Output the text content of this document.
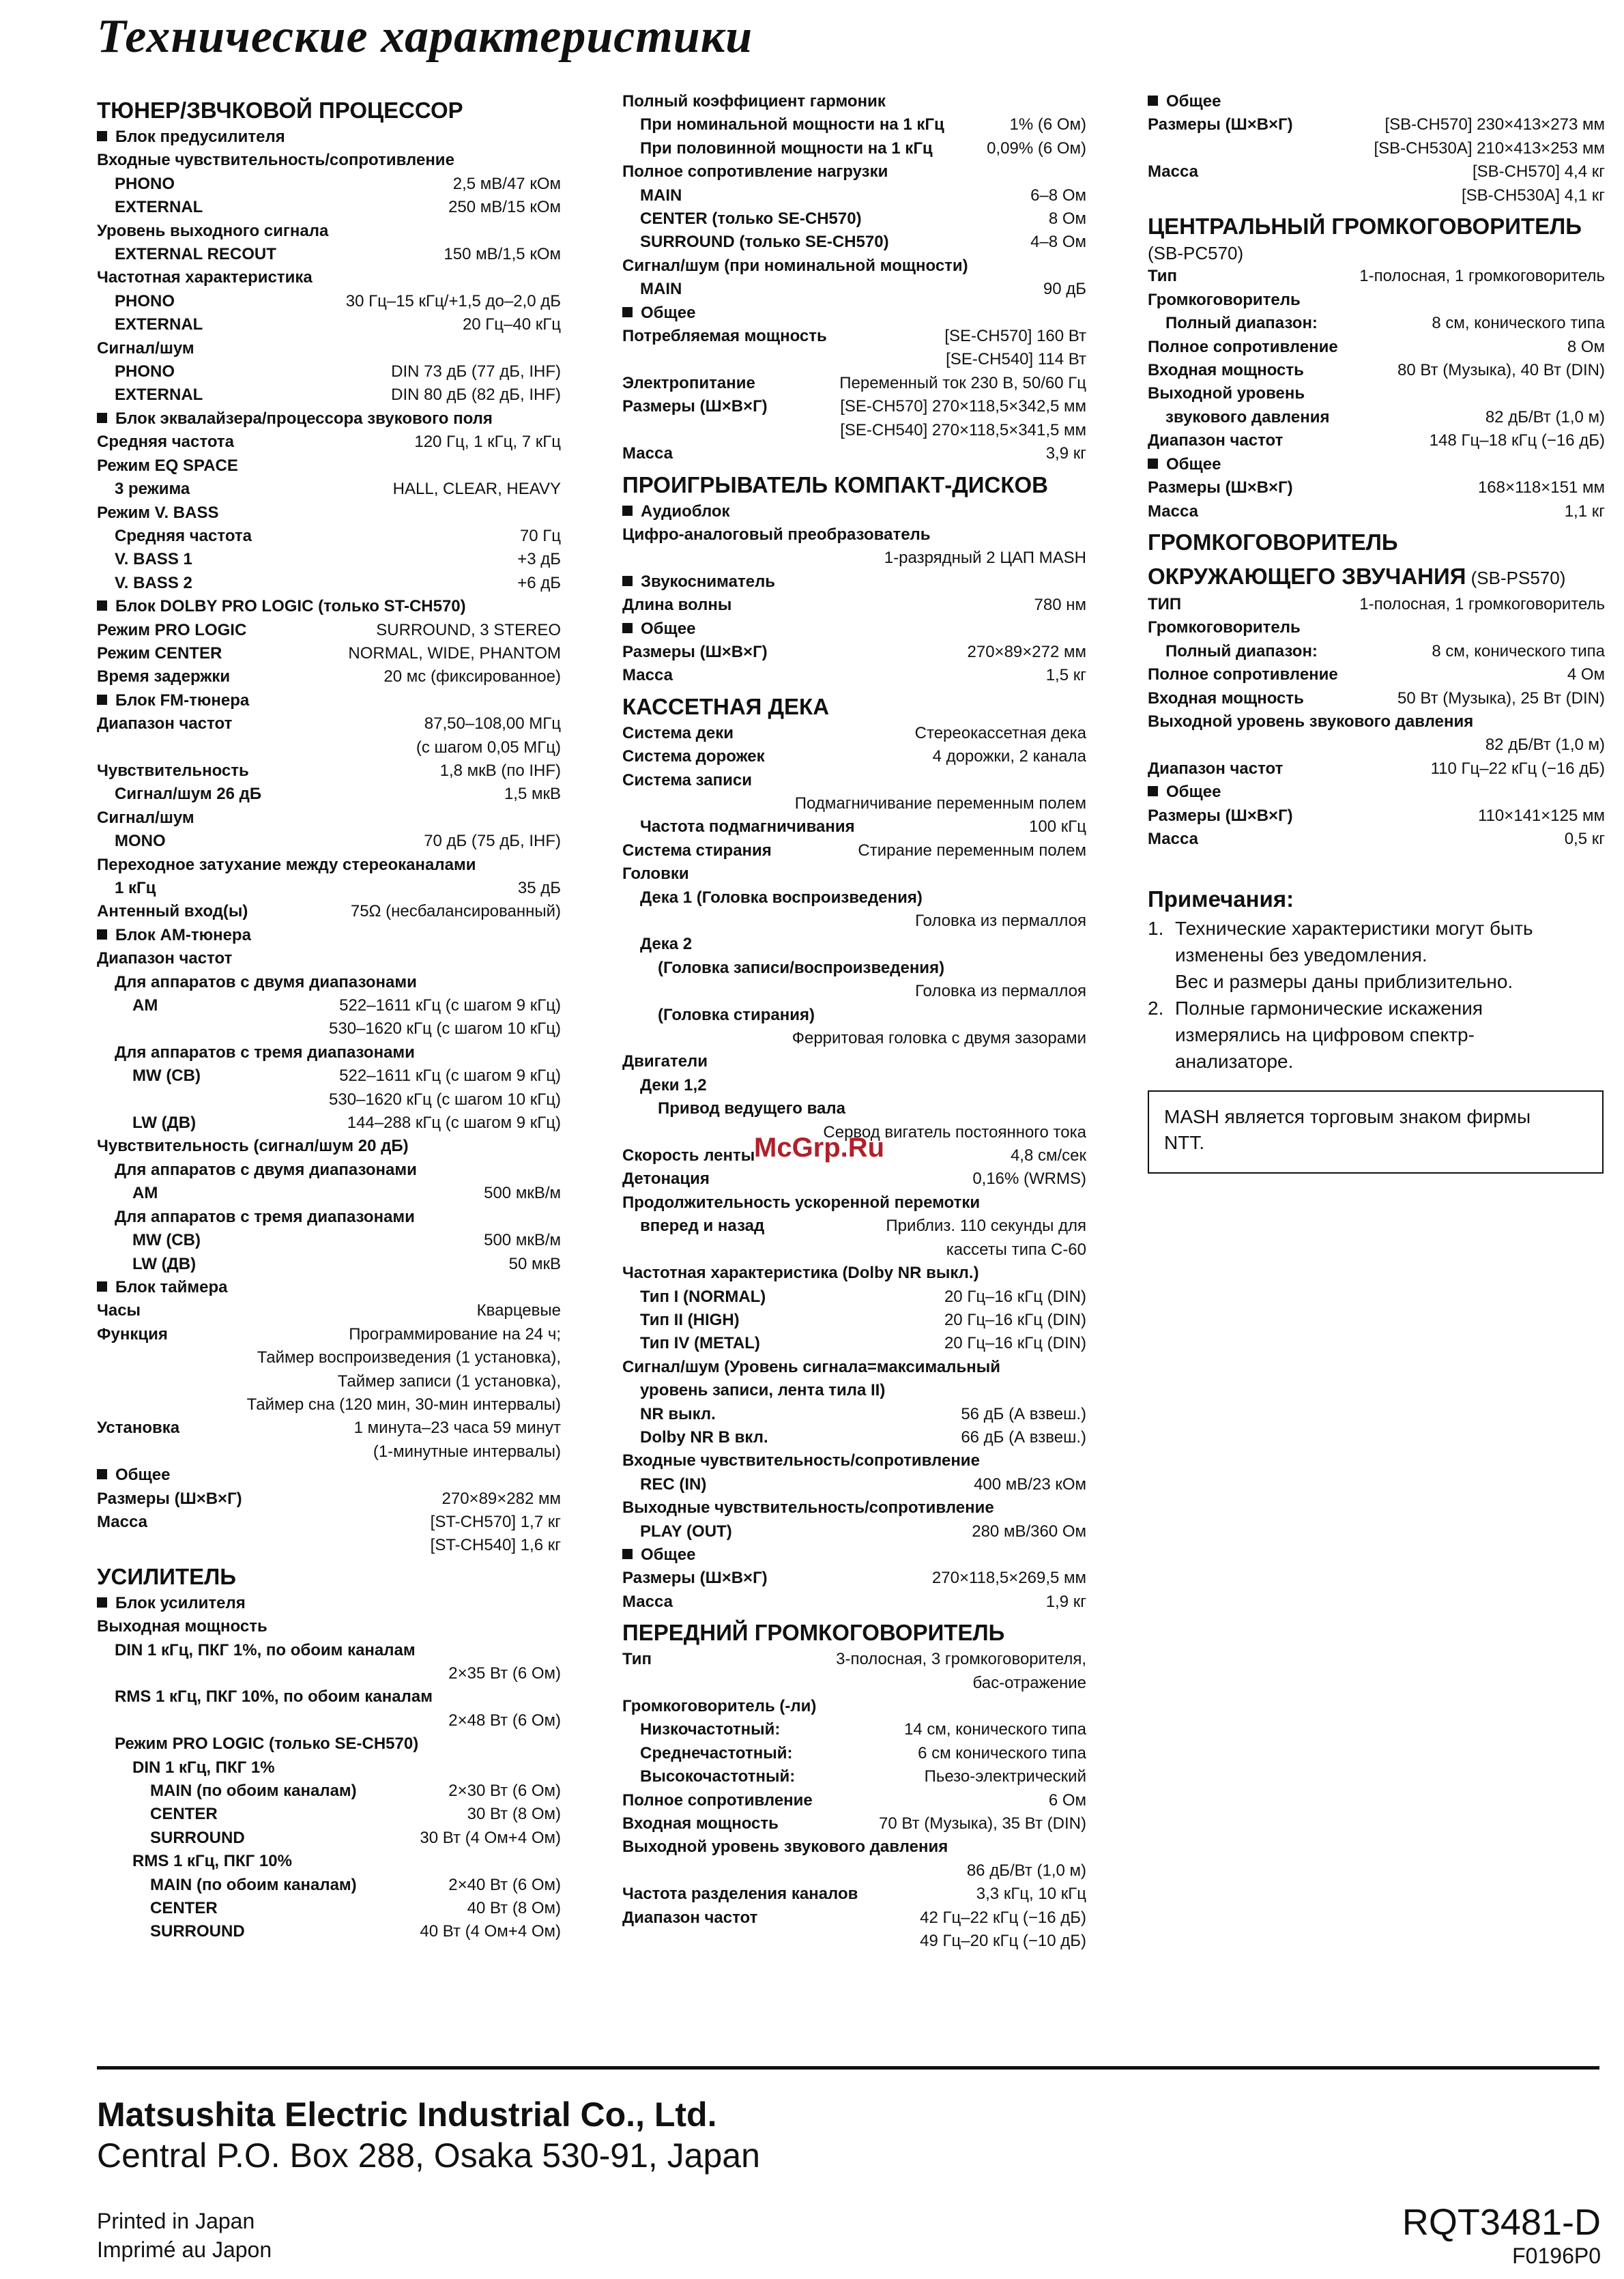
Технические характеристики
ТЮНЕР/ЗВЧКОВОЙ ПРОЦЕССОР
Блок предусилителя
Входные чувствительность/сопротивление
PHONO	2,5 мВ/47 кОм
EXTERNAL	250 мВ/15 кОм
Уровень выходного сигнала
EXTERNAL RECOUT	150 мВ/1,5 кОм
Частотная характеристика
PHONO	30 Гц–15 кГц/+1,5 до–2,0 дБ
EXTERNAL	20 Гц–40 кГц
Сигнал/шум
PHONO	DIN 73 дБ (77 дБ, IHF)
EXTERNAL	DIN 80 дБ (82 дБ, IHF)
Блок эквалайзера/процессора звукового поля
Средняя частота	120 Гц, 1 кГц, 7 кГц
Режим EQ SPACE
3 режима	HALL, CLEAR, HEAVY
Режим V. BASS
Средняя частота	70 Гц
V. BASS 1	+3 дБ
V. BASS 2	+6 дБ
Блок DOLBY PRO LOGIC (только ST-CH570)
Режим PRO LOGIC	SURROUND, 3 STEREO
Режим CENTER	NORMAL, WIDE, PHANTOM
Время задержки	20 мс (фиксированное)
Блок FM-тюнера
Диапазон частот	87,50–108,00 МГц
(с шагом 0,05 МГц)
Чувствительность	1,8 мкВ (по IHF)
Сигнал/шум 26 дБ	1,5 мкВ
Сигнал/шум
MONO	70 дБ (75 дБ, IHF)
Переходное затухание между стереоканалами
1 кГц	35 дБ
Антенный вход(ы)	75Ω (несбалансированный)
Блок АМ-тюнера
Диапазон частот
Для аппаратов с двумя диапазонами
AM	522–1611 кГц (с шагом 9 кГц)
530–1620 кГц (с шагом 10 кГц)
Для аппаратов с тремя диапазонами
MW (CB)	522–1611 кГц (с шагом 9 кГц)
530–1620 кГц (с шагом 10 кГц)
LW (ДВ)	144–288 кГц (с шагом 9 кГц)
Чувствительность (сигнал/шум 20 дБ)
Для аппаратов с двумя диапазонами
AM	500 мкВ/м
Для аппаратов с тремя диапазонами
MW (CB)	500 мкВ/м
LW (ДВ)	50 мкВ
Блок таймера
Часы	Кварцевые
Функция	Программирование на 24 ч;
Таймер воспроизведения (1 установка),
Таймер записи (1 установка),
Таймер сна (120 мин, 30-мин интервалы)
Установка	1 минута–23 часа 59 минут
(1-минутные интервалы)
Общее
Размеры (Ш×В×Г)	270×89×282 мм
Масса	[ST-CH570] 1,7 кг
[ST-CH540] 1,6 кг
УСИЛИТЕЛЬ
Блок усилителя
Выходная мощность
DIN 1 кГц, ПКГ 1%, по обоим каналам
2×35 Вт (6 Ом)
RMS 1 кГц, ПКГ 10%, по обоим каналам
2×48 Вт (6 Ом)
Режим PRO LOGIC (только SE-CH570)
DIN 1 кГц, ПКГ 1%
MAIN (по обоим каналам)	2×30 Вт (6 Ом)
CENTER	30 Вт (8 Ом)
SURROUND	30 Вт (4 Ом+4 Ом)
RMS 1 кГц, ПКГ 10%
MAIN (по обоим каналам)	2×40 Вт (6 Ом)
CENTER	40 Вт (8 Ом)
SURROUND	40 Вт (4 Ом+4 Ом)
Полный коэффициент гармоник
При номинальной мощности на 1 кГц	1% (6 Ом)
При половинной мощности на 1 кГц	0,09% (6 Ом)
Полное сопротивление нагрузки
MAIN	6–8 Ом
CENTER (только SE-CH570)	8 Ом
SURROUND (только SE-CH570)	4–8 Ом
Сигнал/шум (при номинальной мощности)
MAIN	90 дБ
Общее
Потребляемая мощность	[SE-CH570] 160 Вт
[SE-CH540] 114 Вт
Электропитание	Переменный ток 230 В, 50/60 Гц
Размеры (Ш×В×Г)	[SE-CH570] 270×118,5×342,5 мм
[SE-CH540] 270×118,5×341,5 мм
Масса	3,9 кг
ПРОИГРЫВАТЕЛЬ КОМПАКТ-ДИСКОВ
Аудиоблок
Цифро-аналоговый преобразователь
1-разрядный 2 ЦАП MASH
Звукосниматель
Длина волны	780 нм
Общее
Размеры (Ш×В×Г)	270×89×272 мм
Масса	1,5 кг
КАССЕТНАЯ ДЕКА
Система деки	Стереокассетная дека
Система дорожек	4 дорожки, 2 канала
Система записи
Подмагничивание переменным полем
Частота подмагничивания	100 кГц
Система стирания	Стирание переменным полем
Головки
Дека 1 (Головка воспроизведения)
Головка из пермаллоя
Дека 2
(Головка записи/воспроизведения)
Головка из пермаллоя
(Головка стирания)
Ферритовая головка с двумя зазорами
Двигатели
Деки 1,2
Привод ведущего вала
Сервод вигатель постоянного тока
Скорость ленты	4,8 см/сек
Детонация	0,16% (WRMS)
Продолжительность ускоренной перемотки
вперед и назад	Приблиз. 110 секунды для
кассеты типа C-60
Частотная характеристика (Dolby NR выкл.)
Тип I (NORMAL)	20 Гц–16 кГц (DIN)
Тип II (HIGH)	20 Гц–16 кГц (DIN)
Тип IV (METAL)	20 Гц–16 кГц (DIN)
Сигнал/шум (Уровень сигнала=максимальный
уровень записи, лента тила II)
NR выкл.	56 дБ (А взвеш.)
Dolby NR B вкл.	66 дБ (А взвеш.)
Входные чувствительность/сопротивление
REC (IN)	400 мВ/23 кОм
Выходные чувствительность/сопротивление
PLAY (OUT)	280 мВ/360 Ом
Общее
Размеры (Ш×В×Г)	270×118,5×269,5 мм
Масса	1,9 кг
ПЕРЕДНИЙ ГРОМКОГОВОРИТЕЛЬ
Тип	3-полосная, 3 громкоговорителя,
бас-отражение
Громкоговоритель (-ли)
Низкочастотный:	14 см, конического типа
Среднечастотный:	6 см конического типа
Высокочастотный:	Пьезо-электрический
Полное сопротивление	6 Ом
Входная мощность	70 Вт (Музыка), 35 Вт (DIN)
Выходной уровень звукового давления
86 дБ/Вт (1,0 м)
Частота разделения каналов	3,3 кГц, 10 кГц
Диапазон частот	42 Гц–22 кГц (−16 дБ)
49 Гц–20 кГц (−10 дБ)
Общее
Размеры (Ш×В×Г)	[SB-CH570] 230×413×273 мм
[SB-CH530A] 210×413×253 мм
Масса	[SB-CH570] 4,4 кг
[SB-CH530A] 4,1 кг
ЦЕНТРАЛЬНЫЙ ГРОМКОГОВОРИТЕЛЬ
(SB-PC570)
Тип	1-полосная, 1 громкоговоритель
Громкоговоритель
Полный диапазон:	8 см, конического типа
Полное сопротивление	8 Ом
Входная мощность	80 Вт (Музыка), 40 Вт (DIN)
Выходной уровень
звукового давления	82 дБ/Вт (1,0 м)
Диапазон частот	148 Гц–18 кГц (−16 дБ)
Общее
Размеры (Ш×В×Г)	168×118×151 мм
Масса	1,1 кг
ГРОМКОГОВОРИТЕЛЬ
ОКРУЖАЮЩЕГО ЗВУЧАНИЯ (SB-PS570)
ТИП	1-полосная, 1 громкоговоритель
Громкоговоритель
Полный диапазон:	8 см, конического типа
Полное сопротивление	4 Ом
Входная мощность	50 Вт (Музыка), 25 Вт (DIN)
Выходной уровень звукового давления
82 дБ/Вт (1,0 м)
Диапазон частот	110 Гц–22 кГц (−16 дБ)
Общее
Размеры (Ш×В×Г)	110×141×125 мм
Масса	0,5 кг
Примечания:
1. Технические характеристики могут быть
изменены без уведомления.
Вес и размеры даны приблизительно.
2. Полные гармонические искажения
измерялись на цифровом спектр-
анализаторе.
MASH является торговым знаком фирмы
NTT.
McGrp.Ru
Matsushita Electric Industrial Co., Ltd.
Central P.O. Box 288, Osaka 530-91, Japan
Printed in Japan
Imprimé au Japon
RQT3481-D
F0196P0
